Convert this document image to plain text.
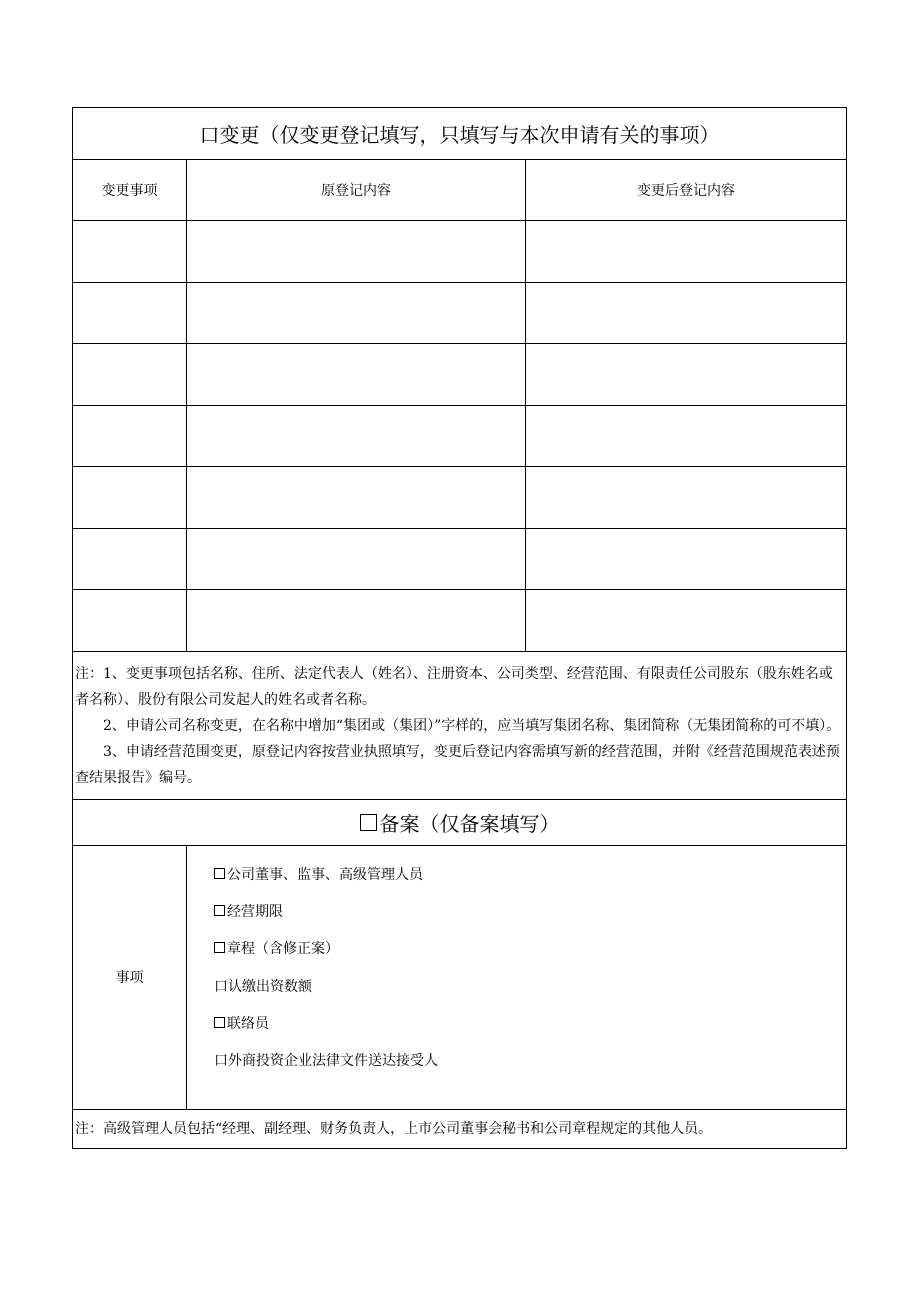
口变更（仅变更登记填写，只填写与本次申请有关的事项）
变更事项	原登记内容	变更后登记内容

注：1、变更事项包括名称、住所、法定代表人（姓名）、注册资本、公司类型、经营范围、有限责任公司股东（股东姓名或者名称）、股份有限公司发起人的姓名或者名称。

2、申请公司名称变更，在名称中增加“集团或（集团）”字样的，应当填写集团名称、集团简称（无集团简称的可不填）。

3、申请经营范围变更，原登记内容按营业执照填写，变更后登记内容需填写新的经营范围，并附《经营范围规范表述预查结果报告》编号。

备案（仅备案填写）
事项
公司董事、监事、高级管理人员
经营期限
章程（含修正案）
口认缴出资数额
联络员
口外商投资企业法律文件送达接受人
注：高级管理人员包括“经理、副经理、财务负责人，上市公司董事会秘书和公司章程规定的其他人员。
